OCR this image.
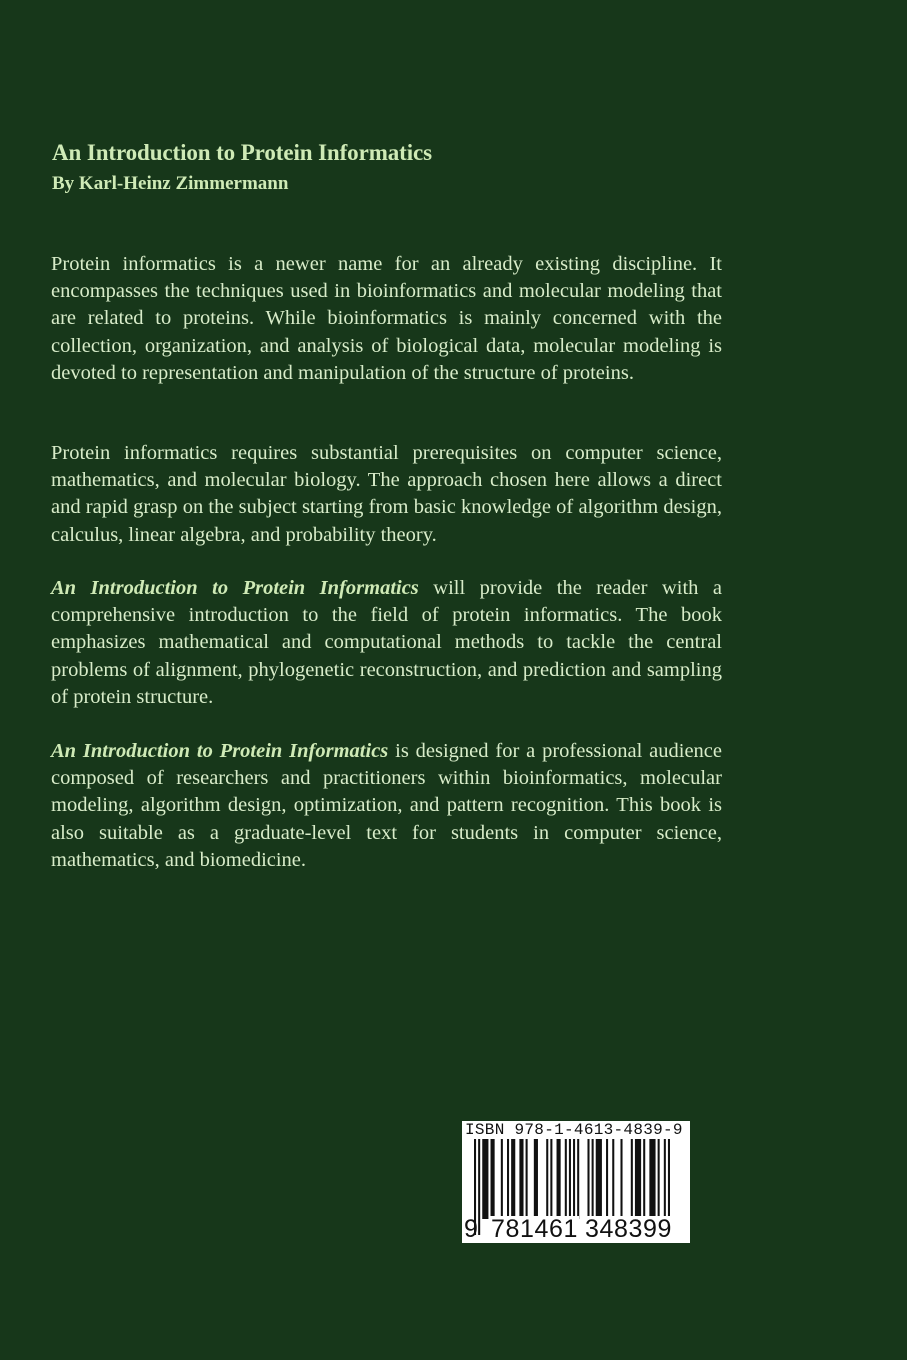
An Introduction to Protein Informatics
By Karl-Heinz Zimmermann
Protein informatics is a newer name for an already existing discipline. It encompasses the techniques used in bioinformatics and molecular modeling that are related to proteins. While bioinformatics is mainly concerned with the collection, organization, and analysis of biological data, molecular modeling is devoted to representation and manipulation of the structure of proteins.
Protein informatics requires substantial prerequisites on computer science, mathematics, and molecular biology. The approach chosen here allows a direct and rapid grasp on the subject starting from basic knowledge of algorithm design, calculus, linear algebra, and probability theory.
An Introduction to Protein Informatics will provide the reader with a comprehensive introduction to the field of protein informatics. The book emphasizes mathematical and computational methods to tackle the central problems of alignment, phylogenetic reconstruction, and prediction and sampling of protein structure.
An Introduction to Protein Informatics is designed for a professional audience composed of researchers and practitioners within bioinformatics, molecular modeling, algorithm design, optimization, and pattern recognition. This book is also suitable as a graduate-level text for students in computer science, mathematics, and biomedicine.
ISBN 978-1-4613-4839-9
9 781461 348399
